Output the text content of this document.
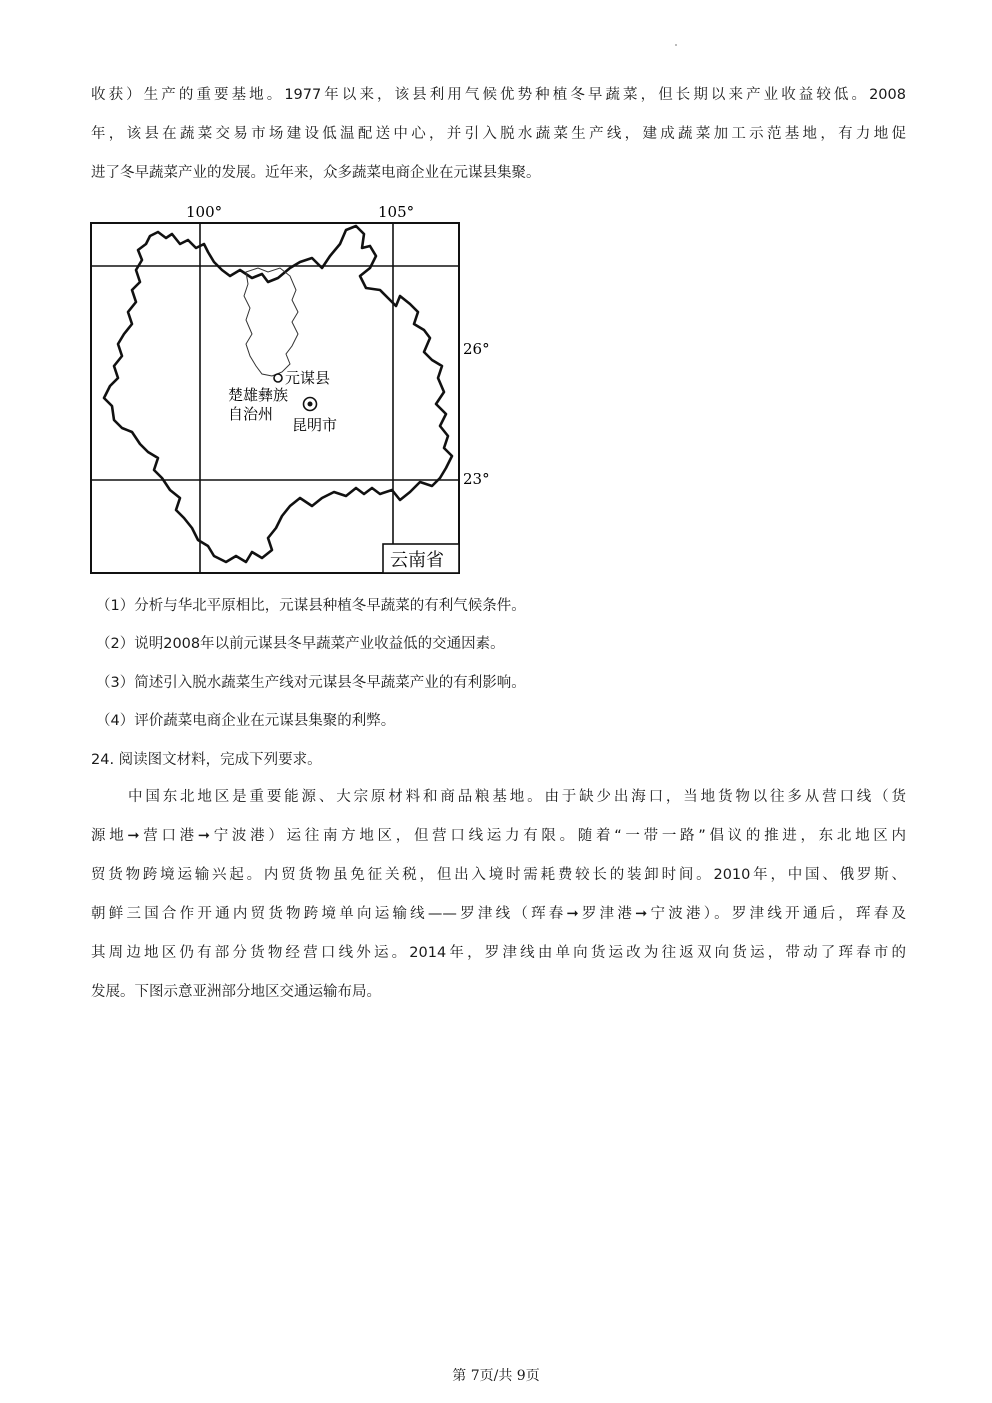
收获）生产的重要基地。1977年以来，该县利用气候优势种植冬早蔬菜，但长期以来产业收益较低。2008
年，该县在蔬菜交易市场建设低温配送中心，并引入脱水蔬菜生产线，建成蔬菜加工示范基地，有力地促
进了冬早蔬菜产业的发展。近年来，众多蔬菜电商企业在元谋县集聚。
100°	105°
26°
23°
元谋县
楚雄彝族
自治州
昆明市
云南省

（1）分析与华北平原相比，元谋县种植冬早蔬菜的有利气候条件。

（2）说明2008年以前元谋县冬早蔬菜产业收益低的交通因素。

（3）简述引入脱水蔬菜生产线对元谋县冬早蔬菜产业的有利影响。

（4）评价蔬菜电商企业在元谋县集聚的利弊。

24. 阅读图文材料，完成下列要求。

中国东北地区是重要能源、大宗原材料和商品粮基地。由于缺少出海口，当地货物以往多从营口线（货
源地➞营口港➞宁波港）运往南方地区，但营口线运力有限。随着“一带一路”倡议的推进，东北地区内
贸货物跨境运输兴起。内贸货物虽免征关税，但出入境时需耗费较长的装卸时间。2010年，中国、俄罗斯、
朝鲜三国合作开通内贸货物跨境单向运输线——罗津线（珲春➞罗津港➞宁波港）。罗津线开通后，珲春及
其周边地区仍有部分货物经营口线外运。2014年，罗津线由单向货运改为往返双向货运，带动了珲春市的
发展。下图示意亚洲部分地区交通运输布局。
第 7页/共 9页
